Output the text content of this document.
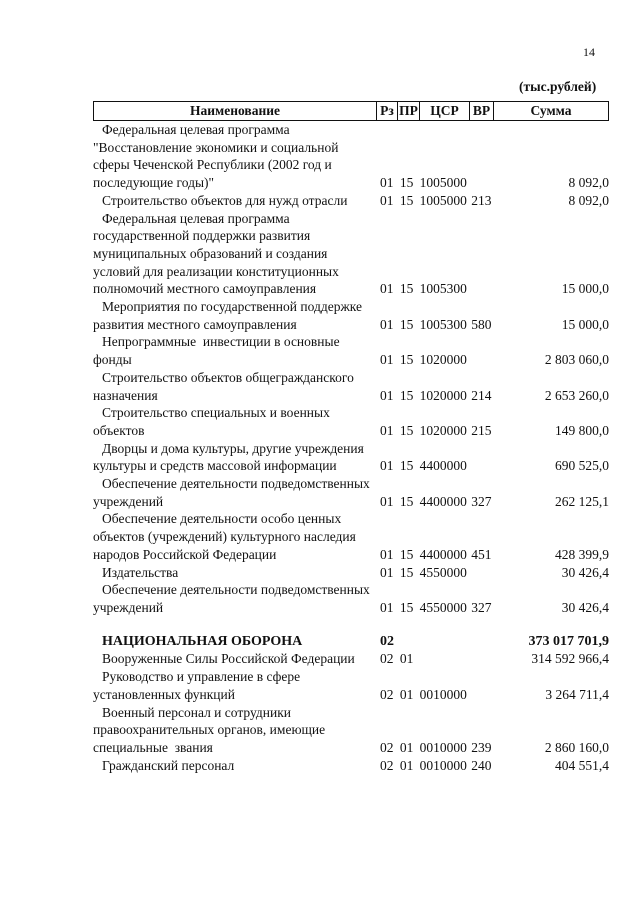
14
(тыс.рублей)
Наименование	Рз ПР ЦСР	ВР	Сумма
Федеральная целевая программа "Восстановление экономики и социальной сферы Чеченской Республики (2002 год и последующие годы)"	01 15 1005000	8 092,0
Строительство объектов для нужд отрасли	01 15 1005000 213	8 092,0
Федеральная целевая программа государственной поддержки развития муниципальных образований и создания условий для реализации конституционных полномочий местного самоуправления	01 15 1005300	15 000,0
Мероприятия по государственной поддержке развития местного самоуправления	01 15 1005300 580	15 000,0
Непрограммные  инвестиции в основные фонды	01 15 1020000	2 803 060,0
Строительство объектов общегражданского назначения	01 15 1020000 214	2 653 260,0
Строительство специальных и военных объектов	01 15 1020000 215	149 800,0
Дворцы и дома культуры, другие учреждения культуры и средств массовой информации	01 15 4400000	690 525,0
Обеспечение деятельности подведомственных учреждений	01 15 4400000 327	262 125,1
Обеспечение деятельности особо ценных объектов (учреждений) культурного наследия народов Российской Федерации	01 15 4400000 451	428 399,9
Издательства	01 15 4550000	30 426,4
Обеспечение деятельности подведомственных учреждений	01 15 4550000 327	30 426,4
НАЦИОНАЛЬНАЯ ОБОРОНА	02	373 017 701,9
Вооруженные Силы Российской Федерации	02 01	314 592 966,4
Руководство и управление в сфере установленных функций	02 01 0010000	3 264 711,4
Военный персонал и сотрудники правоохранительных органов, имеющие специальные  звания	02 01 0010000 239	2 860 160,0
Гражданский персонал	02 01 0010000 240	404 551,4
